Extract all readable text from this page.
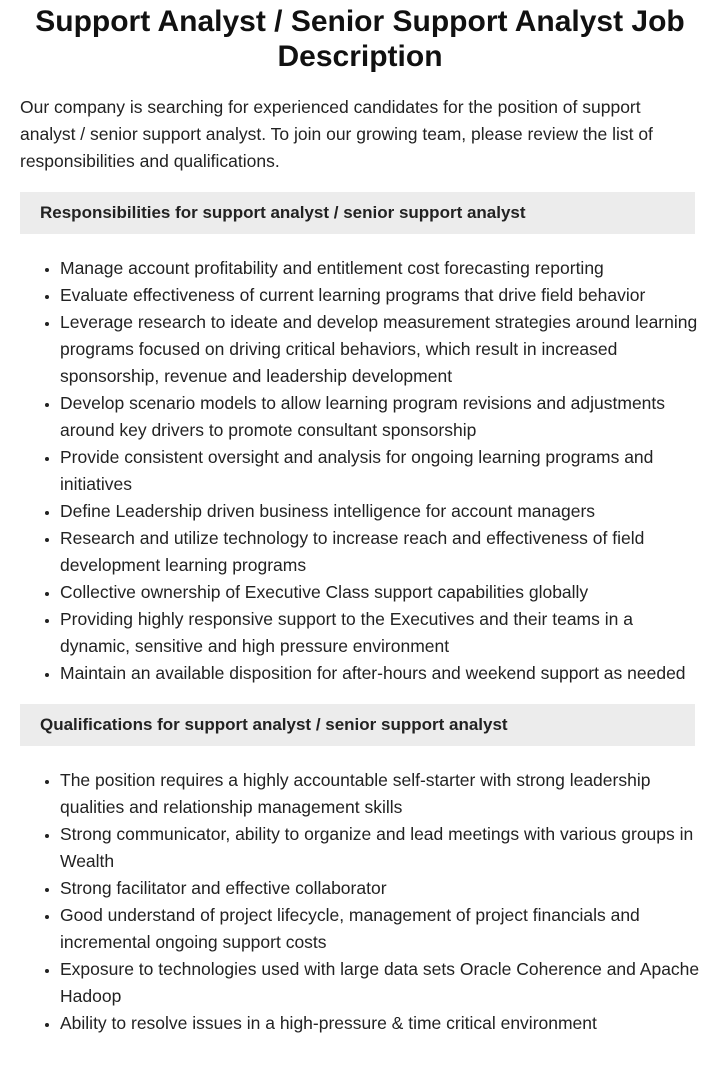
Support Analyst / Senior Support Analyst Job Description

Our company is searching for experienced candidates for the position of support analyst / senior support analyst. To join our growing team, please review the list of responsibilities and qualifications.

Responsibilities for support analyst / senior support analyst
• Manage account profitability and entitlement cost forecasting reporting
• Evaluate effectiveness of current learning programs that drive field behavior
• Leverage research to ideate and develop measurement strategies around learning programs focused on driving critical behaviors, which result in increased sponsorship, revenue and leadership development
• Develop scenario models to allow learning program revisions and adjustments around key drivers to promote consultant sponsorship
• Provide consistent oversight and analysis for ongoing learning programs and initiatives
• Define Leadership driven business intelligence for account managers
• Research and utilize technology to increase reach and effectiveness of field development learning programs
• Collective ownership of Executive Class support capabilities globally
• Providing highly responsive support to the Executives and their teams in a dynamic, sensitive and high pressure environment
• Maintain an available disposition for after-hours and weekend support as needed
Qualifications for support analyst / senior support analyst
• The position requires a highly accountable self-starter with strong leadership qualities and relationship management skills
• Strong communicator, ability to organize and lead meetings with various groups in Wealth
• Strong facilitator and effective collaborator
• Good understand of project lifecycle, management of project financials and incremental ongoing support costs
• Exposure to technologies used with large data sets Oracle Coherence and Apache Hadoop
• Ability to resolve issues in a high-pressure & time critical environment
